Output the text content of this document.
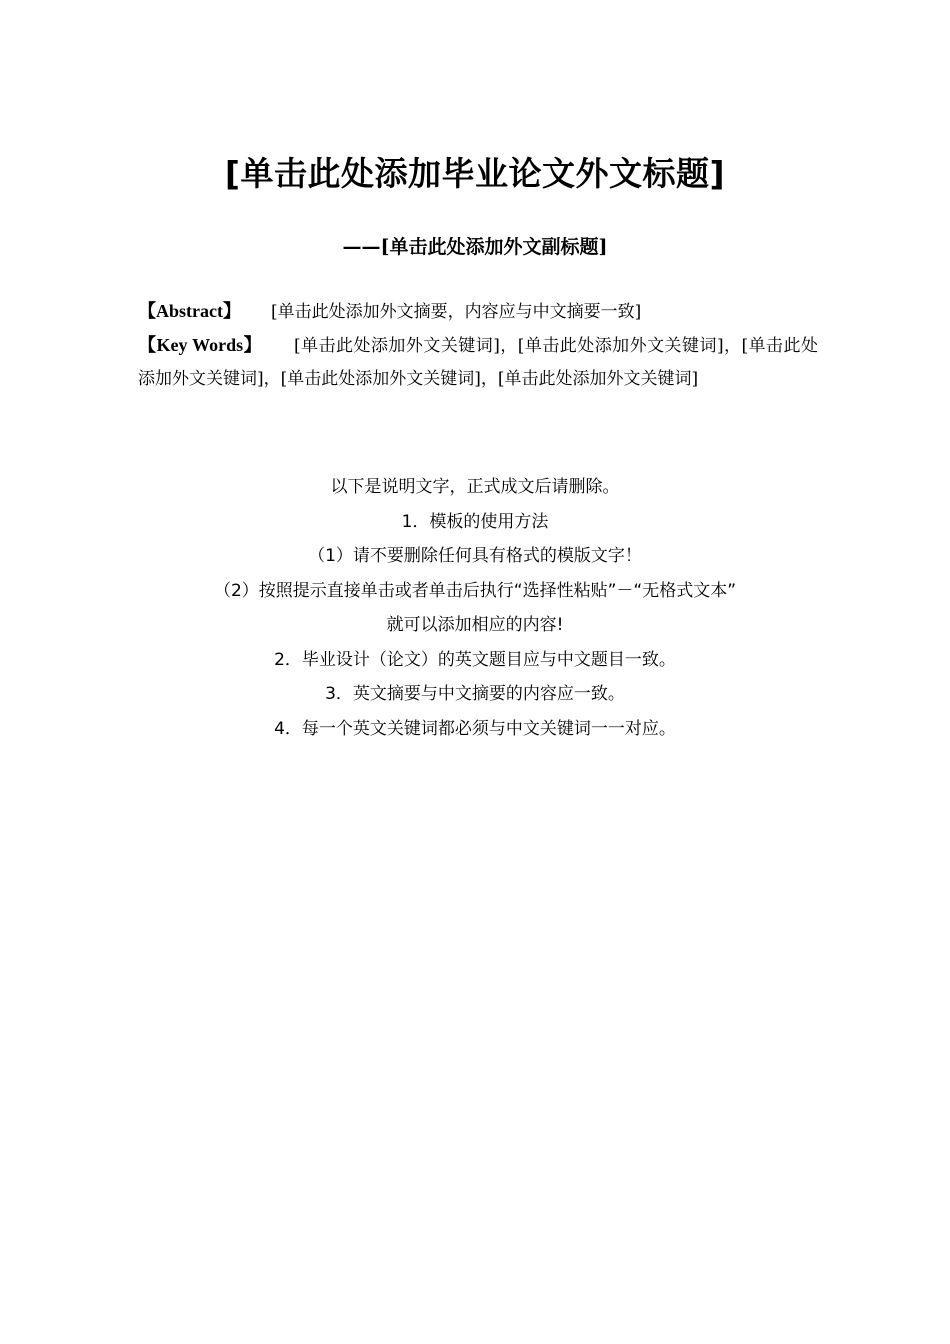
[单击此处添加毕业论文外文标题]
——[单击此处添加外文副标题]
【Abstract】 [单击此处添加外文摘要，内容应与中文摘要一致]
【Key Words】 [单击此处添加外文关键词]，[单击此处添加外文关键词]，[单击此处添加外文关键词]，[单击此处添加外文关键词]，[单击此处添加外文关键词]
以下是说明文字，正式成文后请删除。
1．模板的使用方法
（1）请不要删除任何具有格式的模版文字！
（2）按照提示直接单击或者单击后执行“选择性粘贴”－“无格式文本”
就可以添加相应的内容!
2．毕业设计（论文）的英文题目应与中文题目一致。
3．英文摘要与中文摘要的内容应一致。
4．每一个英文关键词都必须与中文关键词一一对应。
